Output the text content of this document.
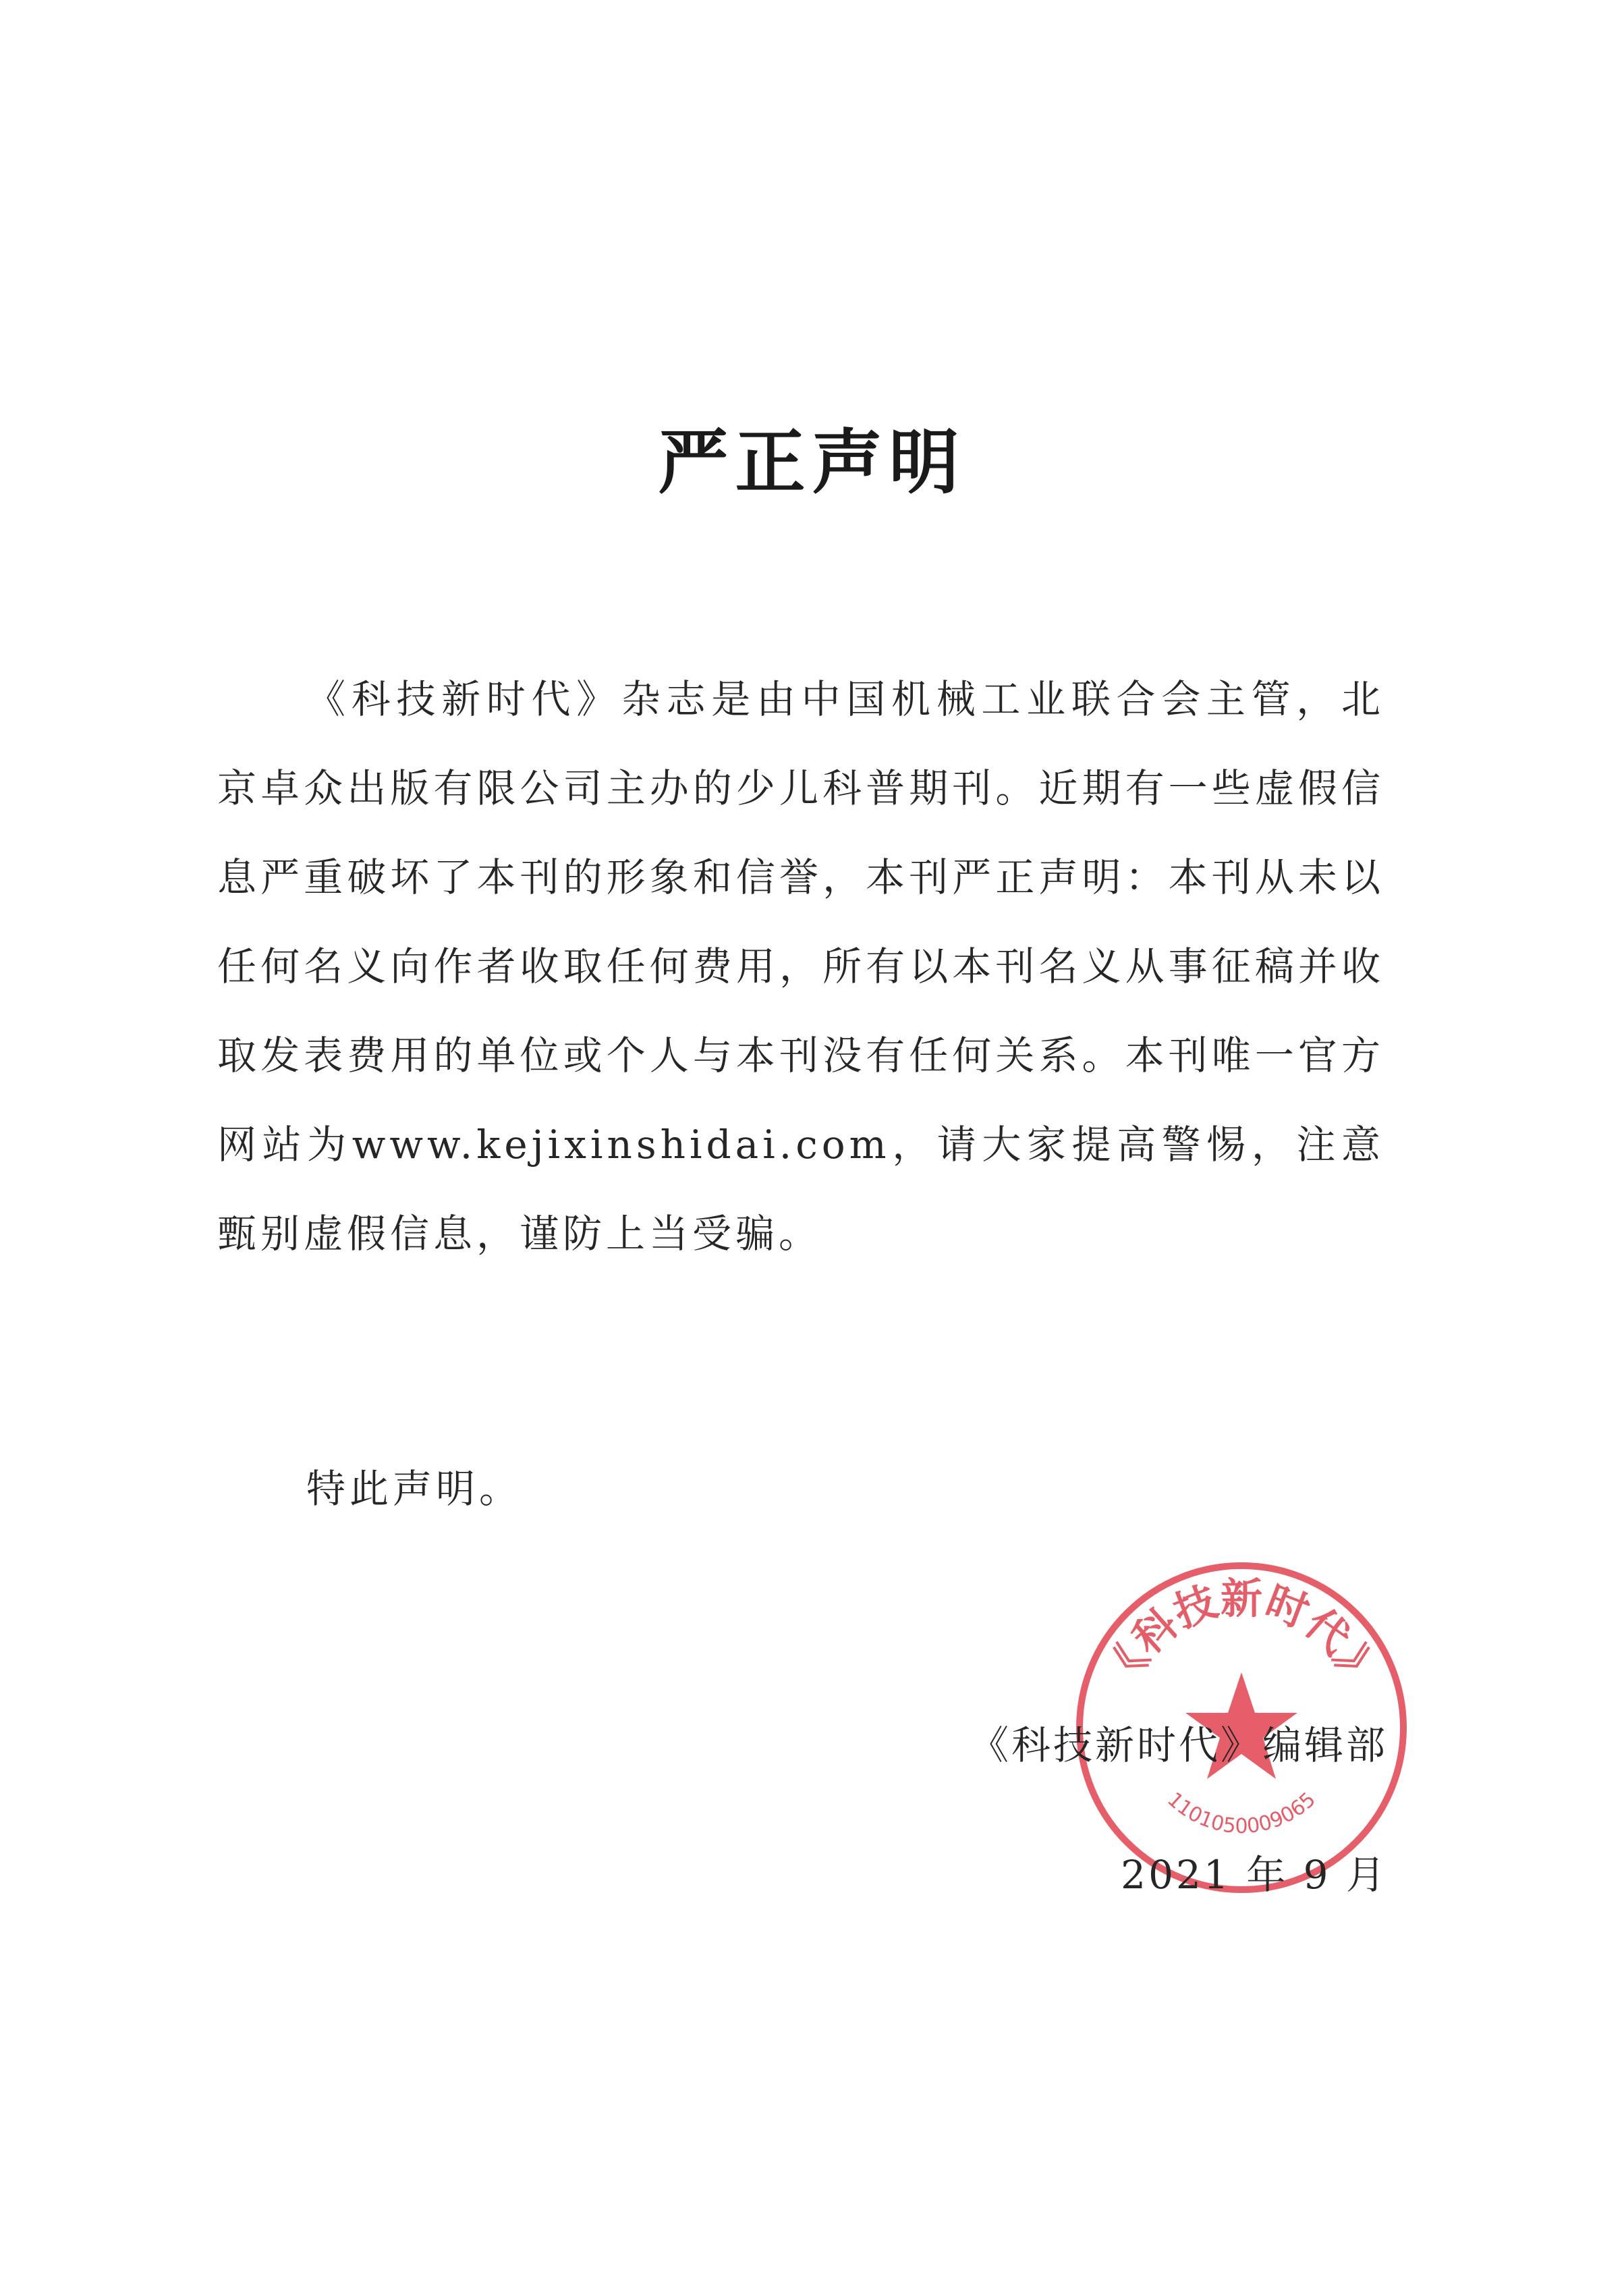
严正声明

《科技新时代》杂志是由中国机械工业联合会主管，北京卓众出版有限公司主办的少儿科普期刊。近期有一些虚假信息严重破坏了本刊的形象和信誉，本刊严正声明：本刊从未以任何名义向作者收取任何费用，所有以本刊名义从事征稿并收取发表费用的单位或个人与本刊没有任何关系。本刊唯一官方网站为www.kejixinshidai.com，请大家提高警惕，注意甄别虚假信息，谨防上当受骗。

特此声明。
《科技新时代》
1101050009065
《科技新时代》编辑部
2021 年 9 月
